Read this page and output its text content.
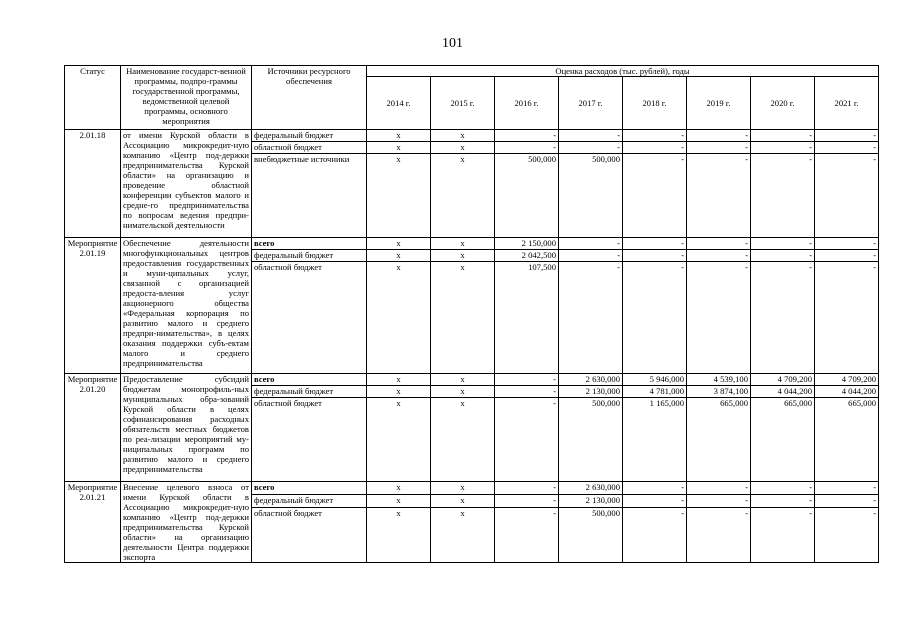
101
Статус	Наименование государст-венной программы, подпро-граммы государственной программы, ведомственной целевой программы, основного мероприятия	Источники ресурсного обеспечения	Оценка расходов (тыс. рублей), годы							
			2014 г.	2015 г.	2016 г.	2017 г.	2018 г.	2019 г.	2020 г.	2021 г.
2.01.18	от имени Курской области в Ассоциацию микрокредит-ную компанию «Центр под-держки предпринимательства Курской области» на организацию и проведение областной конференции субъектов малого и средне-го предпринимательства по вопросам ведения предпри-нимательской деятельности	федеральный бюджет	x	x	-	-	-	-	-	-
		областной бюджет	x	x	-	-	-	-	-	-
		внебюджетные источники	x	x	500,000	500,000	-	-	-	-
Мероприятие 2.01.19	Обеспечение деятельности многофункциональных центров предоставления государственных и муни-ципальных услуг, связанной с организацией предоста-вления услуг акционерного общества «Федеральная корпорация по развитию малого и среднего предпри-нимательства», в целях оказания поддержки субъ-ектам малого и среднего предпринимательства	всего	x	x	2 150,000	-	-	-	-	-
		федеральный бюджет	x	x	2 042,500	-	-	-	-	-
		областной бюджет	x	x	107,500	-	-	-	-	-
Мероприятие 2.01.20	Предоставление субсидий бюджетам монопрофиль-ных муниципальных обра-зований Курской области в целях софинансирования расходных обязательств местных бюджетов по реа-лизации мероприятий му-ниципальных программ по развитию малого и среднего предпринимательства	всего	x	x	-	2 630,000	5 946,000	4 539,100	4 709,200	4 709,200
		федеральный бюджет	x	x	-	2 130,000	4 781,000	3 874,100	4 044,200	4 044,200
		областной бюджет	x	x	-	500,000	1 165,000	665,000	665,000	665,000
Мероприятие 2.01.21	Внесение целевого взноса от имени Курской области в Ассоциацию микрокредит-ную компанию «Центр под-держки предпринимательства Курской области» на организацию деятельности Центра поддержки экспорта	всего	x	x	-	2 630,000	-	-	-	-
		федеральный бюджет	x	x	-	2 130,000	-	-	-	-
		областной бюджет	x	x	-	500,000	-	-	-	-
